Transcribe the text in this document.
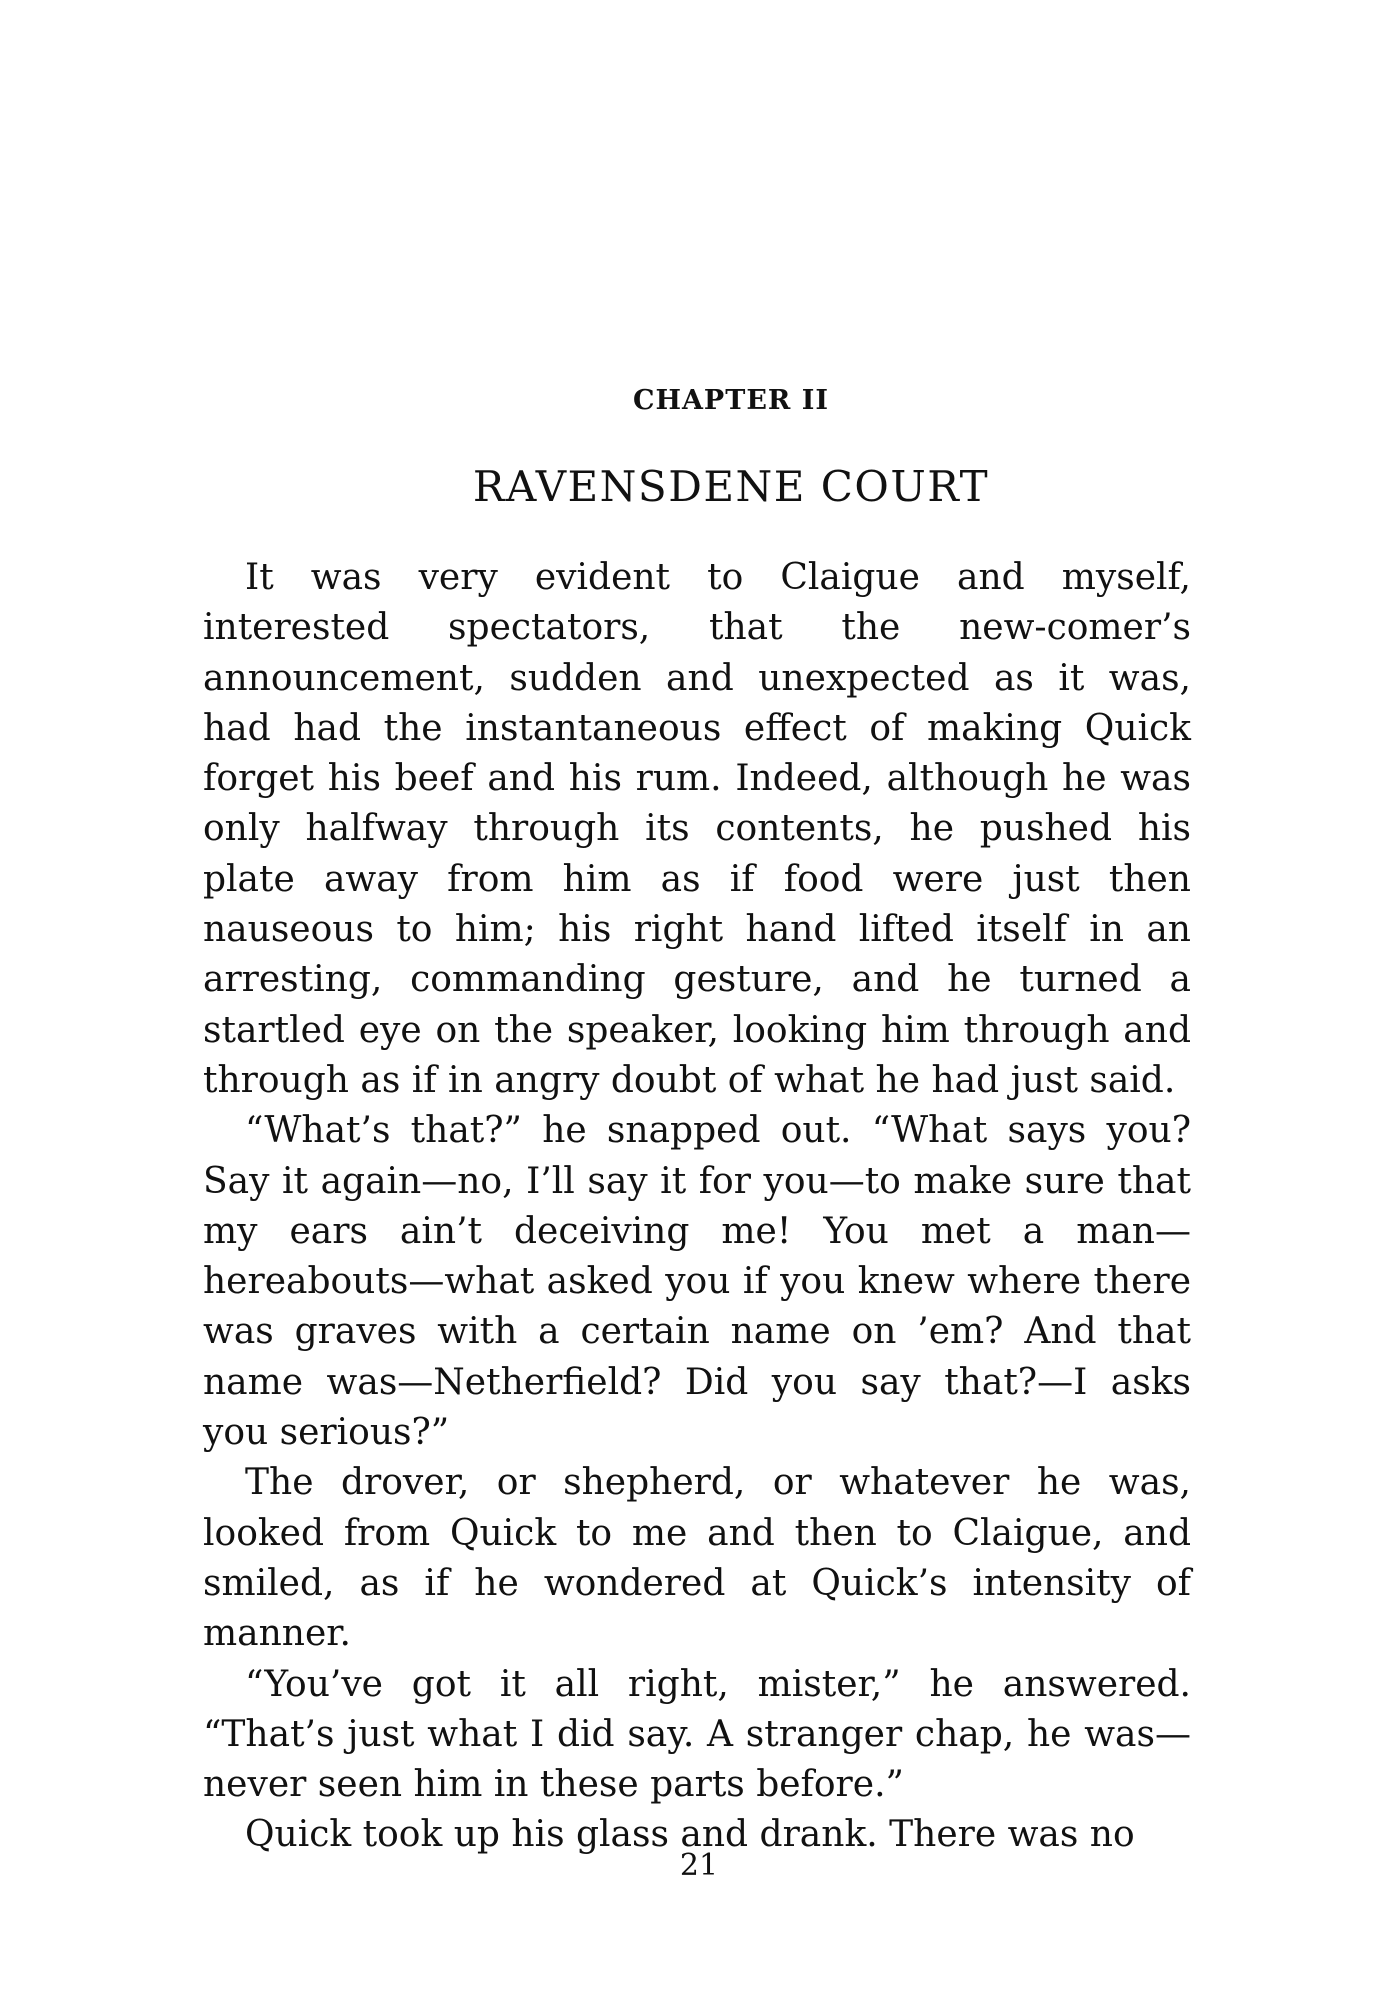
CHAPTER II
RAVENSDENE COURT

It was very evident to Claigue and myself, interested spectators, that the new-comer’s announcement, sudden and unexpected as it was, had had the instantaneous effect of making Quick forget his beef and his rum. Indeed, although he was only halfway through its contents, he pushed his plate away from him as if food were just then nauseous to him; his right hand lifted itself in an arresting, commanding gesture, and he turned a startled eye on the speaker, looking him through and through as if in angry doubt of what he had just said.

“What’s that?” he snapped out. “What says you? Say it again—no, I’ll say it for you—to make sure that my ears ain’t deceiving me! You met a man—hereabouts—what asked you if you knew where there was graves with a certain name on ’em? And that name was—Netherfield? Did you say that?—I asks you serious?”

The drover, or shepherd, or whatever he was, looked from Quick to me and then to Claigue, and smiled, as if he wondered at Quick’s intensity of manner.

“You’ve got it all right, mister,” he answered. “That’s just what I did say. A stranger chap, he was—never seen him in these parts before.”

Quick took up his glass and drank. There was no

21
